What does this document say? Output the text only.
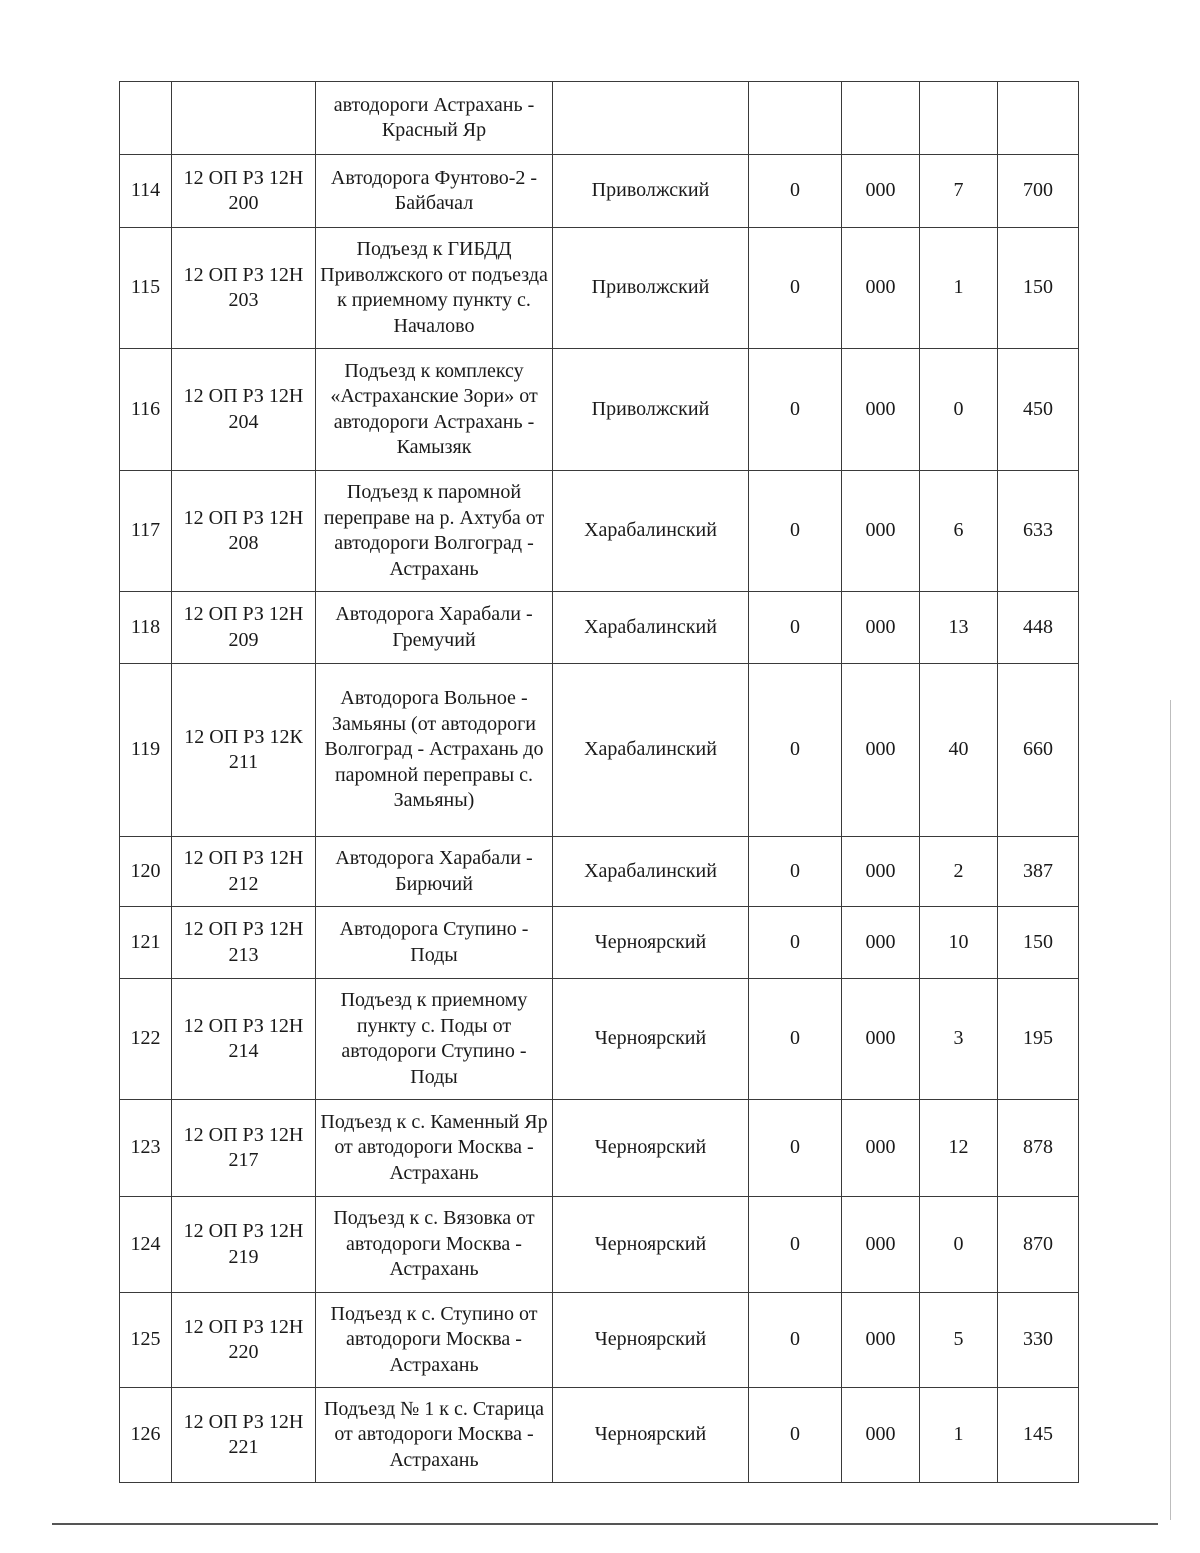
		автодороги Астрахань - Красный Яр					
114	12 ОП РЗ 12Н 200	Автодорога Фунтово-2 - Байбачал	Приволжский	0	000	7	700
115	12 ОП РЗ 12Н 203	Подъезд к ГИБДД Приволжского от подъезда к приемному пункту с. Началово	Приволжский	0	000	1	150
116	12 ОП РЗ 12Н 204	Подъезд к комплексу «Астраханские Зори» от автодороги Астрахань - Камызяк	Приволжский	0	000	0	450
117	12 ОП РЗ 12Н 208	Подъезд к паромной переправе на р. Ахтуба от автодороги Волгоград - Астрахань	Харабалинский	0	000	6	633
118	12 ОП РЗ 12Н 209	Автодорога Харабали - Гремучий	Харабалинский	0	000	13	448
119	12 ОП РЗ 12К 211	Автодорога Вольное - Замьяны (от автодороги Волгоград - Астрахань до паромной переправы с. Замьяны)	Харабалинский	0	000	40	660
120	12 ОП РЗ 12Н 212	Автодорога Харабали - Бирючий	Харабалинский	0	000	2	387
121	12 ОП РЗ 12Н 213	Автодорога Ступино - Поды	Черноярский	0	000	10	150
122	12 ОП РЗ 12Н 214	Подъезд к приемному пункту с. Поды от автодороги Ступино - Поды	Черноярский	0	000	3	195
123	12 ОП РЗ 12Н 217	Подъезд к с. Каменный Яр от автодороги Москва - Астрахань	Черноярский	0	000	12	878
124	12 ОП РЗ 12Н 219	Подъезд к с. Вязовка от автодороги Москва - Астрахань	Черноярский	0	000	0	870
125	12 ОП РЗ 12Н 220	Подъезд к с. Ступино от автодороги Москва - Астрахань	Черноярский	0	000	5	330
126	12 ОП РЗ 12Н 221	Подъезд № 1 к с. Старица от автодороги Москва - Астрахань	Черноярский	0	000	1	145
